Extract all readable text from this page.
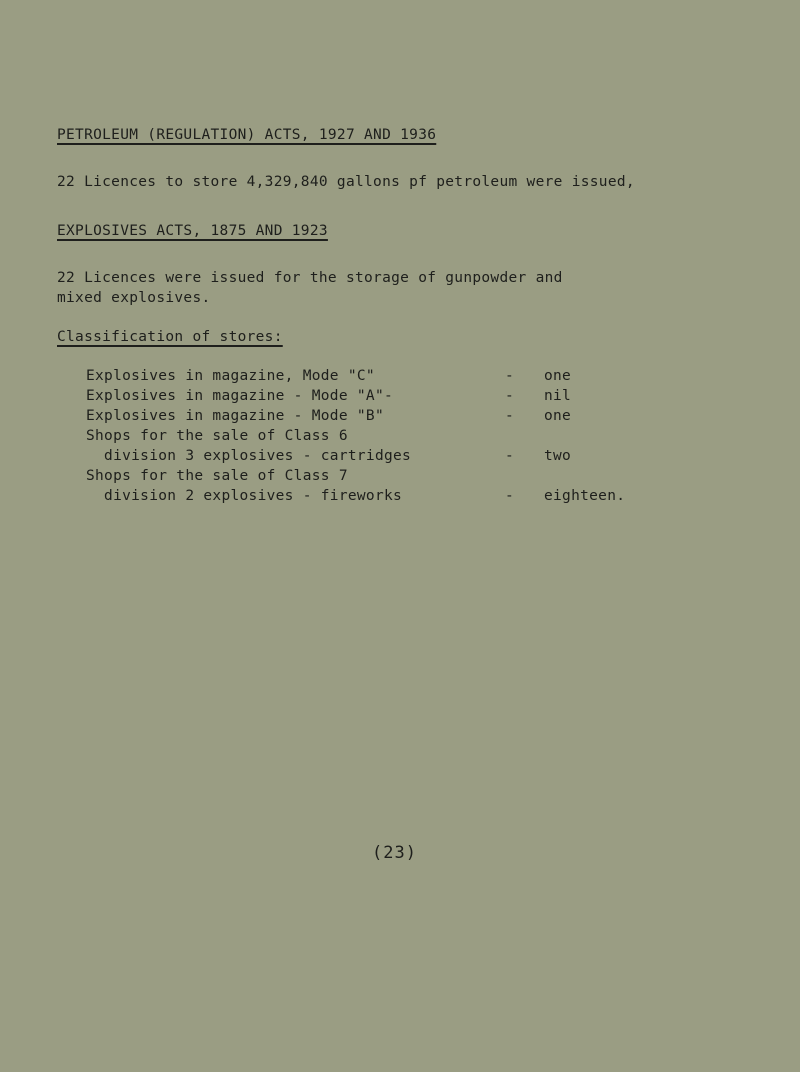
PETROLEUM (REGULATION) ACTS, 1927 AND 1936
22 Licences to store 4,329,840 gallons pf petroleum were issued,
EXPLOSIVES ACTS, 1875 AND 1923
22 Licences were issued for the storage of gunpowder and
mixed explosives.
Classification of stores:
Explosives in magazine, Mode "C"	- one
Explosives in magazine - Mode "A"-	- nil
Explosives in magazine - Mode "B"	- one
Shops for the sale of Class 6
division 3 explosives - cartridges	- two
Shops for the sale of Class 7
division 2 explosives - fireworks	- eighteen.
(23)
